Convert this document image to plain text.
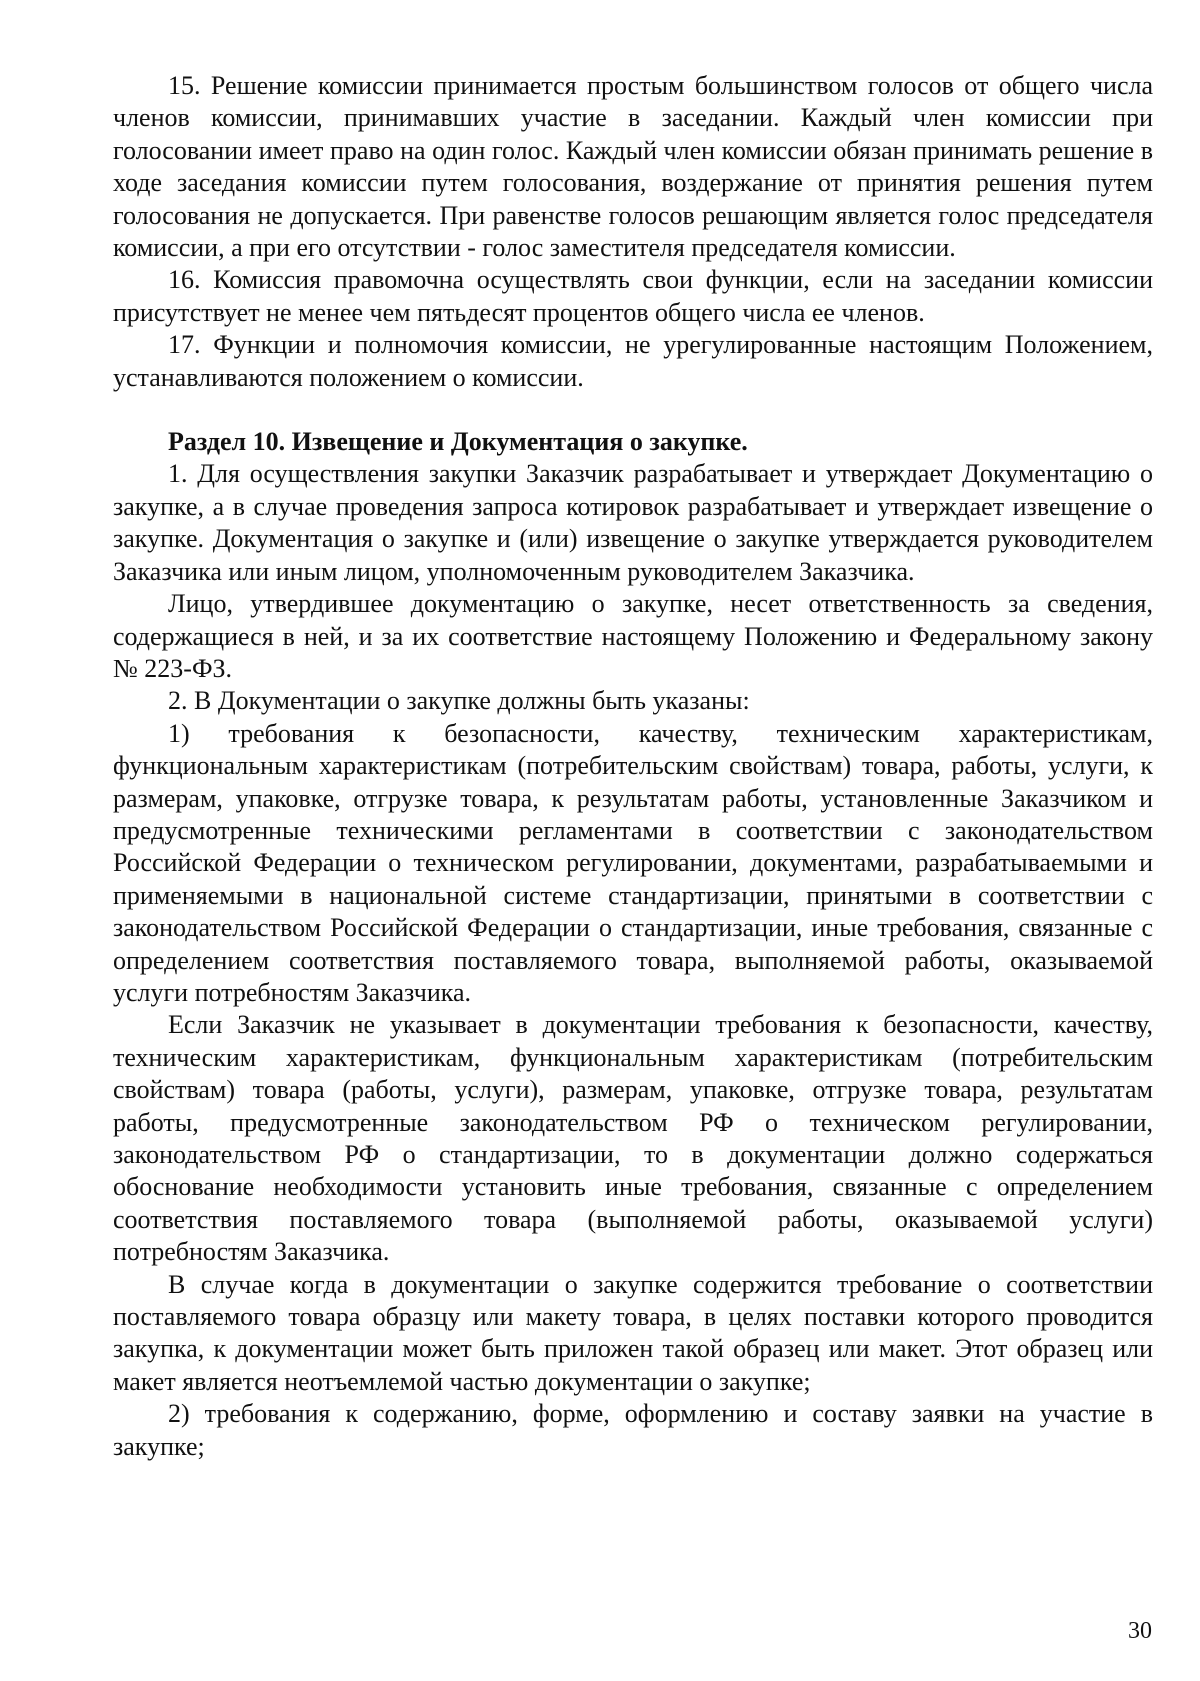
15. Решение комиссии принимается простым большинством голосов от общего числа членов комиссии, принимавших участие в заседании. Каждый член комиссии при голосовании имеет право на один голос. Каждый член комиссии обязан принимать решение в ходе заседания комиссии путем голосования, воздержание от принятия решения путем голосования не допускается. При равенстве голосов решающим является голос председателя комиссии, а при его отсутствии - голос заместителя председателя комиссии.

16. Комиссия правомочна осуществлять свои функции, если на заседании комиссии присутствует не менее чем пятьдесят процентов общего числа ее членов.

17. Функции и полномочия комиссии, не урегулированные настоящим Положением, устанавливаются положением о комиссии.

Раздел 10. Извещение и Документация о закупке.

1. Для осуществления закупки Заказчик разрабатывает и утверждает Документацию о закупке, а в случае проведения запроса котировок разрабатывает и утверждает извещение о закупке. Документация о закупке и (или) извещение о закупке утверждается руководителем Заказчика или иным лицом, уполномоченным руководителем Заказчика.

Лицо, утвердившее документацию о закупке, несет ответственность за сведения, содержащиеся в ней, и за их соответствие настоящему Положению и Федеральному закону № 223-ФЗ.

2. В Документации о закупке должны быть указаны:

1) требования к безопасности, качеству, техническим характеристикам, функциональным характеристикам (потребительским свойствам) товара, работы, услуги, к размерам, упаковке, отгрузке товара, к результатам работы, установленные Заказчиком и предусмотренные техническими регламентами в соответствии с законодательством Российской Федерации о техническом регулировании, документами, разрабатываемыми и применяемыми в национальной системе стандартизации, принятыми в соответствии с законодательством Российской Федерации о стандартизации, иные требования, связанные с определением соответствия поставляемого товара, выполняемой работы, оказываемой услуги потребностям Заказчика.

Если Заказчик не указывает в документации требования к безопасности, качеству, техническим характеристикам, функциональным характеристикам (потребительским свойствам) товара (работы, услуги), размерам, упаковке, отгрузке товара, результатам работы, предусмотренные законодательством РФ о техническом регулировании, законодательством РФ о стандартизации, то в документации должно содержаться обоснование необходимости установить иные требования, связанные с определением соответствия поставляемого товара (выполняемой работы, оказываемой услуги) потребностям Заказчика.

В случае когда в документации о закупке содержится требование о соответствии поставляемого товара образцу или макету товара, в целях поставки которого проводится закупка, к документации может быть приложен такой образец или макет. Этот образец или макет является неотъемлемой частью документации о закупке;

2) требования к содержанию, форме, оформлению и составу заявки на участие в закупке;

30
